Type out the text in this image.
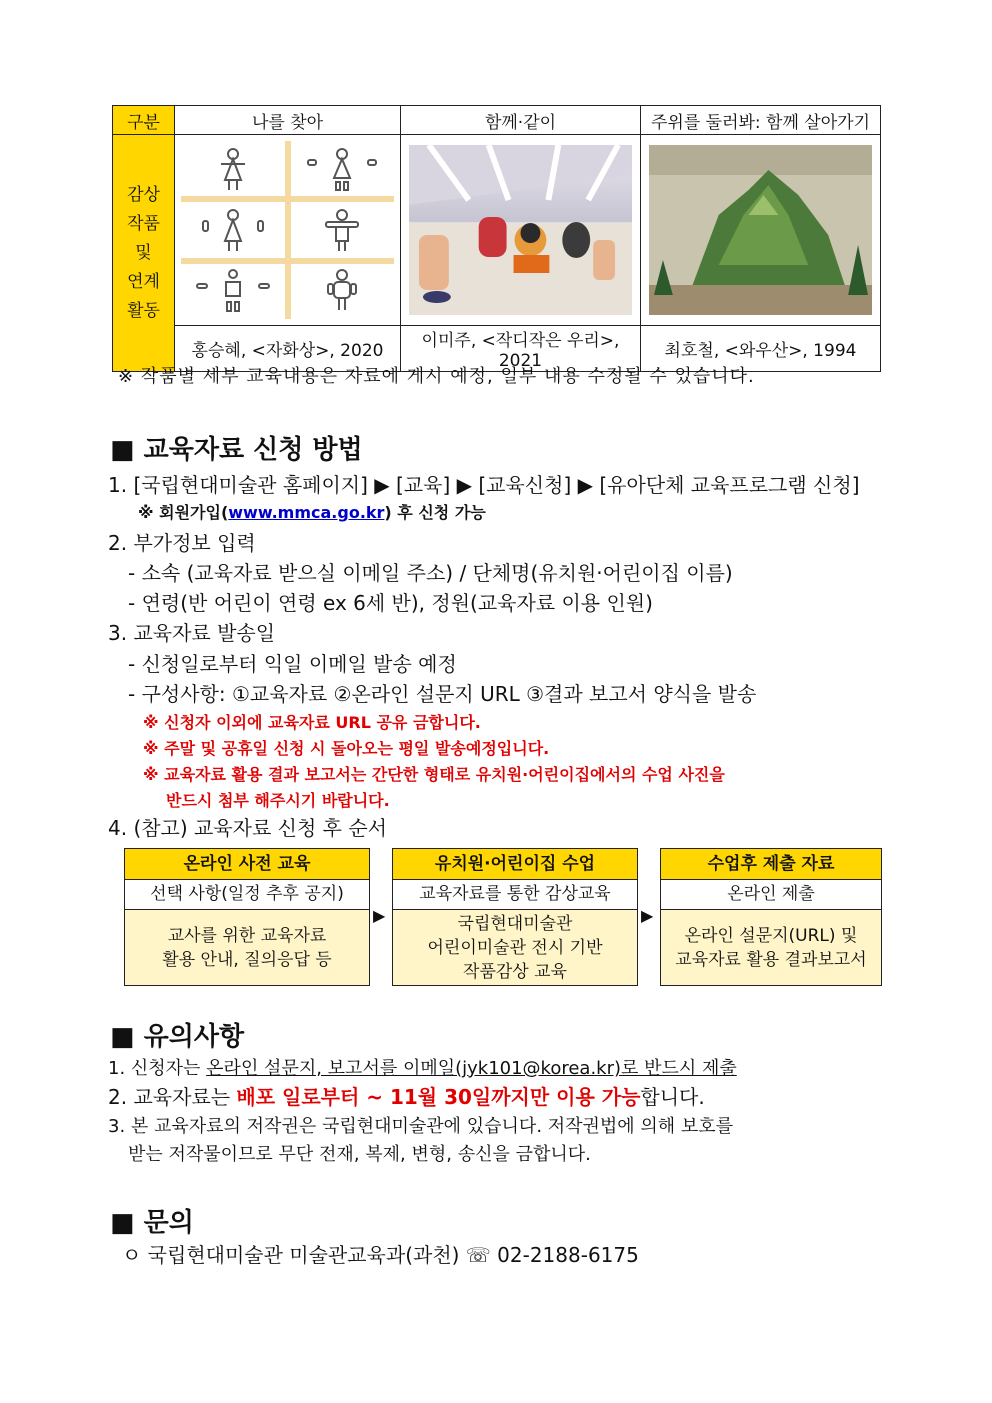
구분	나를 찾아	함께·같이	주위를 둘러봐: 함께 살아가기

감상
작품
및
연계
활동

	홍승혜, <자화상>, 2020	이미주, <작디작은 우리>, 2021	최호철, <와우산>, 1994
※ 작품별 세부 교육내용은 자료에 게시 예정, 일부 내용 수정될 수 있습니다.
■ 교육자료 신청 방법
1. [국립현대미술관 홈페이지] ▶ [교육] ▶ [교육신청] ▶ [유아단체 교육프로그램 신청]
※ 회원가입(www.mmca.go.kr) 후 신청 가능
2. 부가정보 입력
- 소속 (교육자료 받으실 이메일 주소) / 단체명(유치원·어린이집 이름)
- 연령(반 어린이 연령 ex 6세 반), 정원(교육자료 이용 인원)
3. 교육자료 발송일
- 신청일로부터 익일 이메일 발송 예정
- 구성사항: ①교육자료 ②온라인 설문지 URL ③결과 보고서 양식을 발송
※ 신청자 이외에 교육자료 URL 공유 금합니다.
※ 주말 및 공휴일 신청 시 돌아오는 평일 발송예정입니다.
※ 교육자료 활용 결과 보고서는 간단한 형태로 유치원·어린이집에서의 수업 사진을
반드시 첨부 해주시기 바랍니다.
4. (참고) 교육자료 신청 후 순서
온라인 사전 교육
선택 사항(일정 추후 공지)
교사를 위한 교육자료
활용 안내, 질의응답 등
▶
유치원·어린이집 수업
교육자료를 통한 감상교육
국립현대미술관
어린이미술관 전시 기반
작품감상 교육
▶
수업후 제출 자료
온라인 제출
온라인 설문지(URL) 및
교육자료 활용 결과보고서
■ 유의사항
1. 신청자는 온라인 설문지, 보고서를 이메일(jyk101@korea.kr)로 반드시 제출
2. 교육자료는 배포 일로부터 ~ 11월 30일까지만 이용 가능합니다.
3. 본 교육자료의 저작권은 국립현대미술관에 있습니다. 저작권법에 의해 보호를
받는 저작물이므로 무단 전재, 복제, 변형, 송신을 금합니다.
■ 문의
ㅇ 국립현대미술관 미술관교육과(과천) ☏ 02-2188-6175
